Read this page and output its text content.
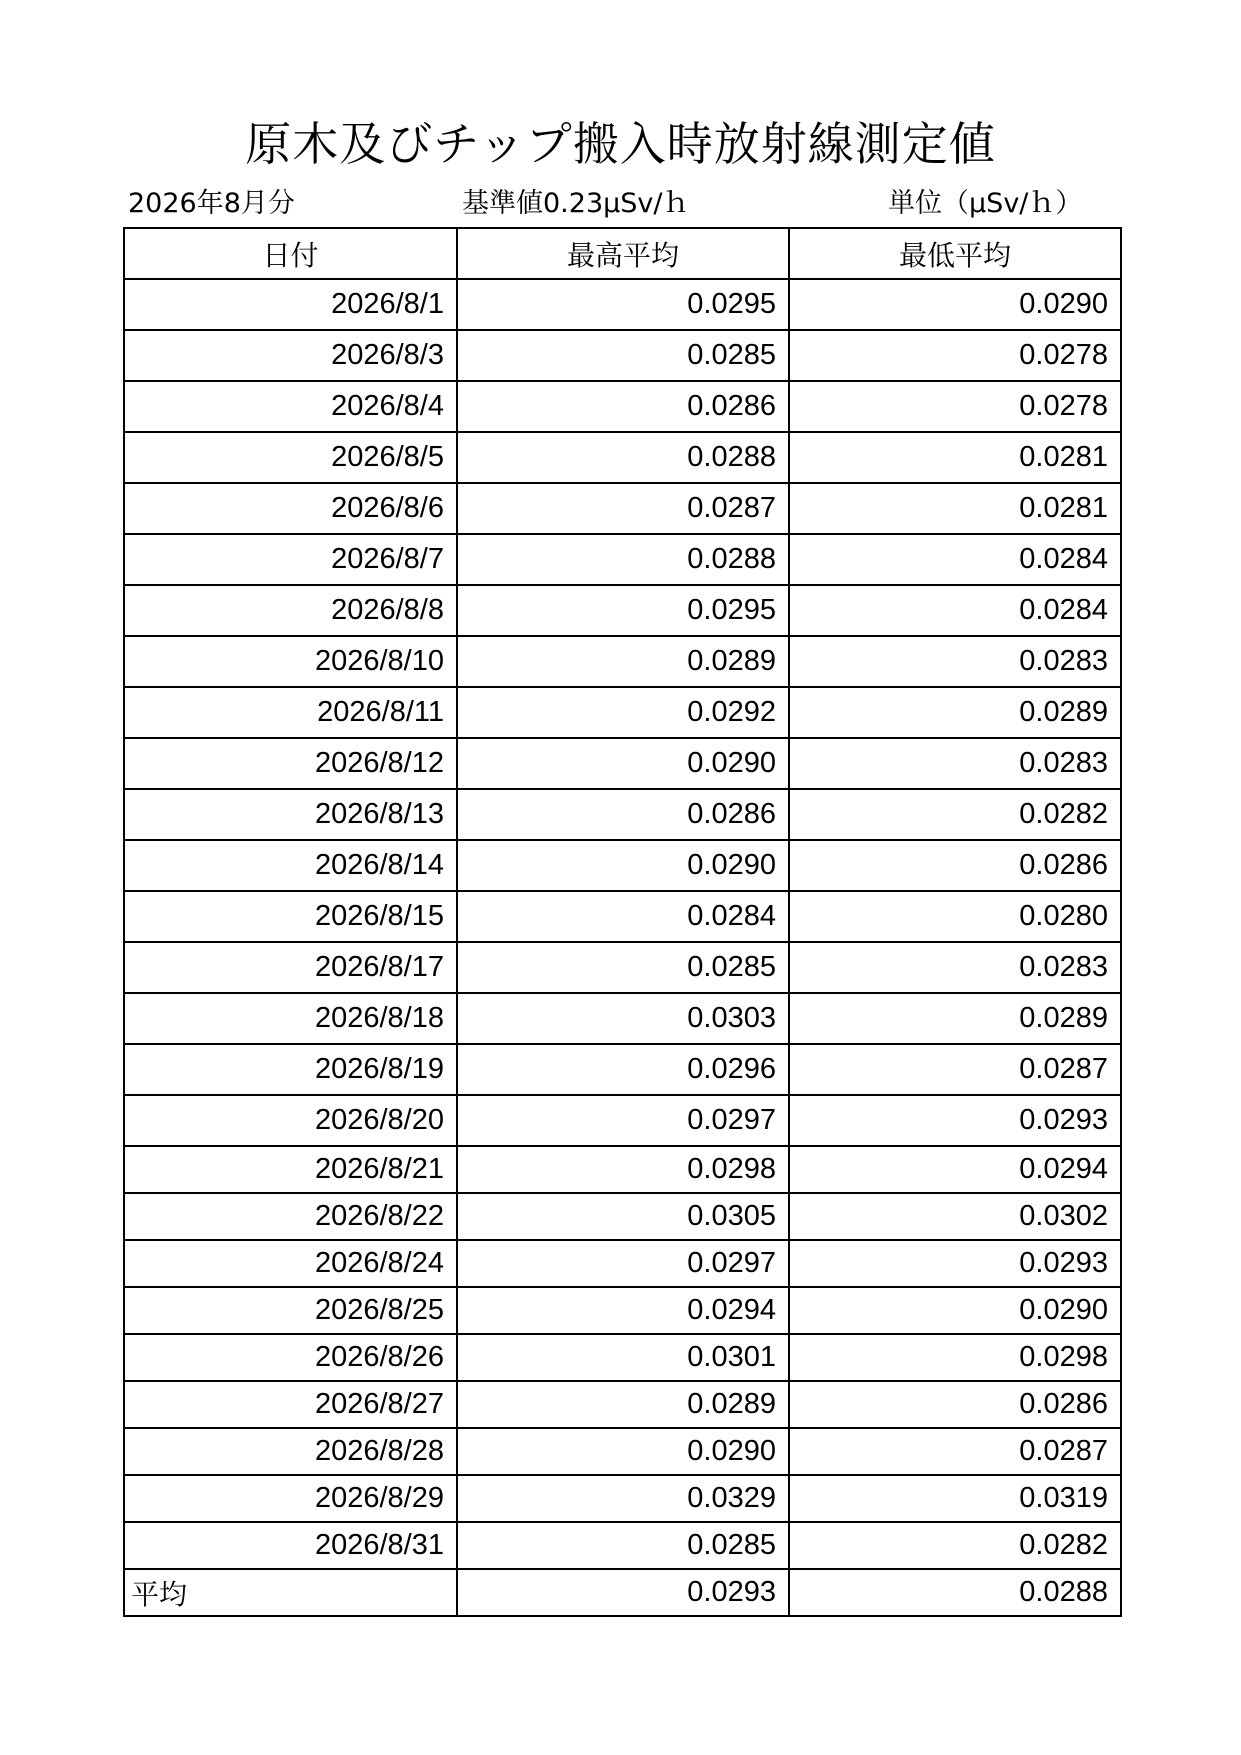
原木及びチップ搬入時放射線測定値
2026年8月分	基準値0.23μSv/ｈ	単位（μSv/ｈ）
日付	最高平均	最低平均
2026/8/1	0.0295	0.0290
2026/8/3	0.0285	0.0278
2026/8/4	0.0286	0.0278
2026/8/5	0.0288	0.0281
2026/8/6	0.0287	0.0281
2026/8/7	0.0288	0.0284
2026/8/8	0.0295	0.0284
2026/8/10	0.0289	0.0283
2026/8/11	0.0292	0.0289
2026/8/12	0.0290	0.0283
2026/8/13	0.0286	0.0282
2026/8/14	0.0290	0.0286
2026/8/15	0.0284	0.0280
2026/8/17	0.0285	0.0283
2026/8/18	0.0303	0.0289
2026/8/19	0.0296	0.0287
2026/8/20	0.0297	0.0293
2026/8/21	0.0298	0.0294
2026/8/22	0.0305	0.0302
2026/8/24	0.0297	0.0293
2026/8/25	0.0294	0.0290
2026/8/26	0.0301	0.0298
2026/8/27	0.0289	0.0286
2026/8/28	0.0290	0.0287
2026/8/29	0.0329	0.0319
2026/8/31	0.0285	0.0282
平均	0.0293	0.0288
